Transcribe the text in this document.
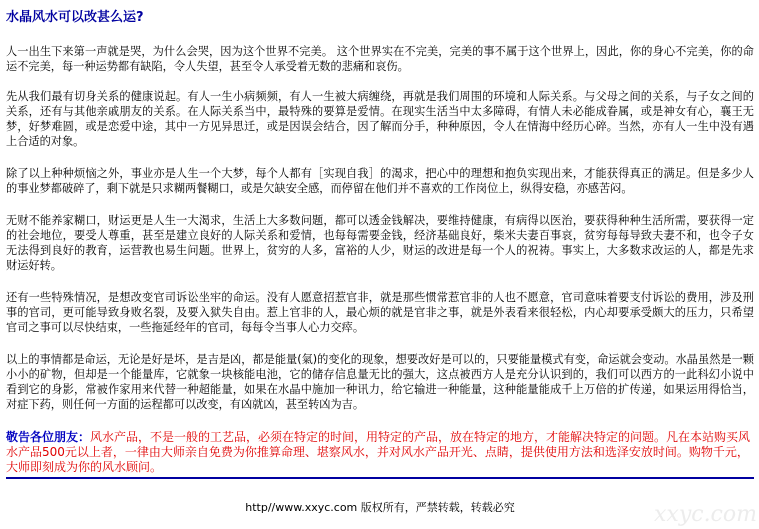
水晶风水可以改甚么运?

人一出生下来第一声就是哭，为什么会哭，因为这个世界不完美。 这个世界实在不完美，完美的事不属于这个世界上，因此，你的身心不完美，你的命运不完美，每一种运势都有缺陷，令人失望，甚至令人承受着无数的悲痛和哀伤。

先从我们最有切身关系的健康说起。有人一生小病频频，有人一生被大病缠绕，再就是我们周围的环境和人际关系。与父母之间的关系，与子女之间的关系，还有与其他亲戚朋友的关系。在人际关系当中，最特殊的要算是爱情。在现实生活当中太多障碍，有情人未必能成眷属，或是神女有心，襄王无梦，好梦难圆，或是恋爱中途，其中一方见异思迁，或是因误会结合，因了解而分手，种种原因，令人在情海中经历心碎。当然，亦有人一生中没有遇上合适的对象。

除了以上种种烦恼之外，事业亦是人生一个大梦，每个人都有［实现自我］的渴求，把心中的理想和抱负实现出来，才能获得真正的满足。但是多少人的事业梦都破碎了，剩下就是只求糊两餐糊口，或是欠缺安全感，而停留在他们并不喜欢的工作岗位上，纵得安稳，亦感苦闷。

无财不能养家糊口，财运更是人生一大渴求，生活上大多数问题，都可以透金钱解决，要维持健康，有病得以医治，要获得种种生活所需，要获得一定的社会地位，要受人尊重，甚至是建立良好的人际关系和爱情，也每每需要金钱，经济基础良好，柴米夫妻百事哀，贫穷每每导致夫妻不和，也令子女无法得到良好的教育，运营教也易生问题。世界上，贫穷的人多，富裕的人少，财运的改进是每一个人的祝祷。事实上，大多数求改运的人，都是先求财运好转。

还有一些特殊情况，是想改变官司诉讼坐牢的命运。没有人愿意招惹官非，就是那些惯常惹官非的人也不愿意，官司意味着要支付诉讼的费用，涉及刑事的官司，更可能导致身败名裂，及要入狱失自由。惹上官非的人，最心烦的就是官非之事，就是外表看来很轻松，内心却要承受颇大的压力，只希望官司之事可以尽快结束，一些拖延经年的官司，每每令当事人心力交瘁。

以上的事情都是命运，无论是好是坏，是吉是凶，都是能量(氣)的变化的现象，想要改好是可以的，只要能量模式有变，命运就会变动。水晶虽然是一颗小小的矿物，但却是一个能量库，它就象一块核能电池，它的储存信息量无比的强大，这点被西方人是充分认识到的，我们可以西方的一此科幻小说中看到它的身影，常被作家用来代替一种超能量，如果在水晶中施加一种讯力，给它输进一种能量，这种能量能成千上万倍的扩传递，如果运用得恰当，对症下药，则任何一方面的运程都可以改变，有凶就凶，甚至转凶为吉。

敬告各位朋友：风水产品，不是一般的工艺品，必须在特定的时间，用特定的产品，放在特定的地方，才能解决特定的问题。凡在本站购买风水产品500元以上者，一律由大师亲自免费为你推算命理、堪察风水，并对风水产品开光、点睛，提供使用方法和选泽安放时间。购物千元，大师即刻成为你的风水顾问。
http//www.xxyc.com 版权所有，严禁转载，转载必究	xxyc.com
